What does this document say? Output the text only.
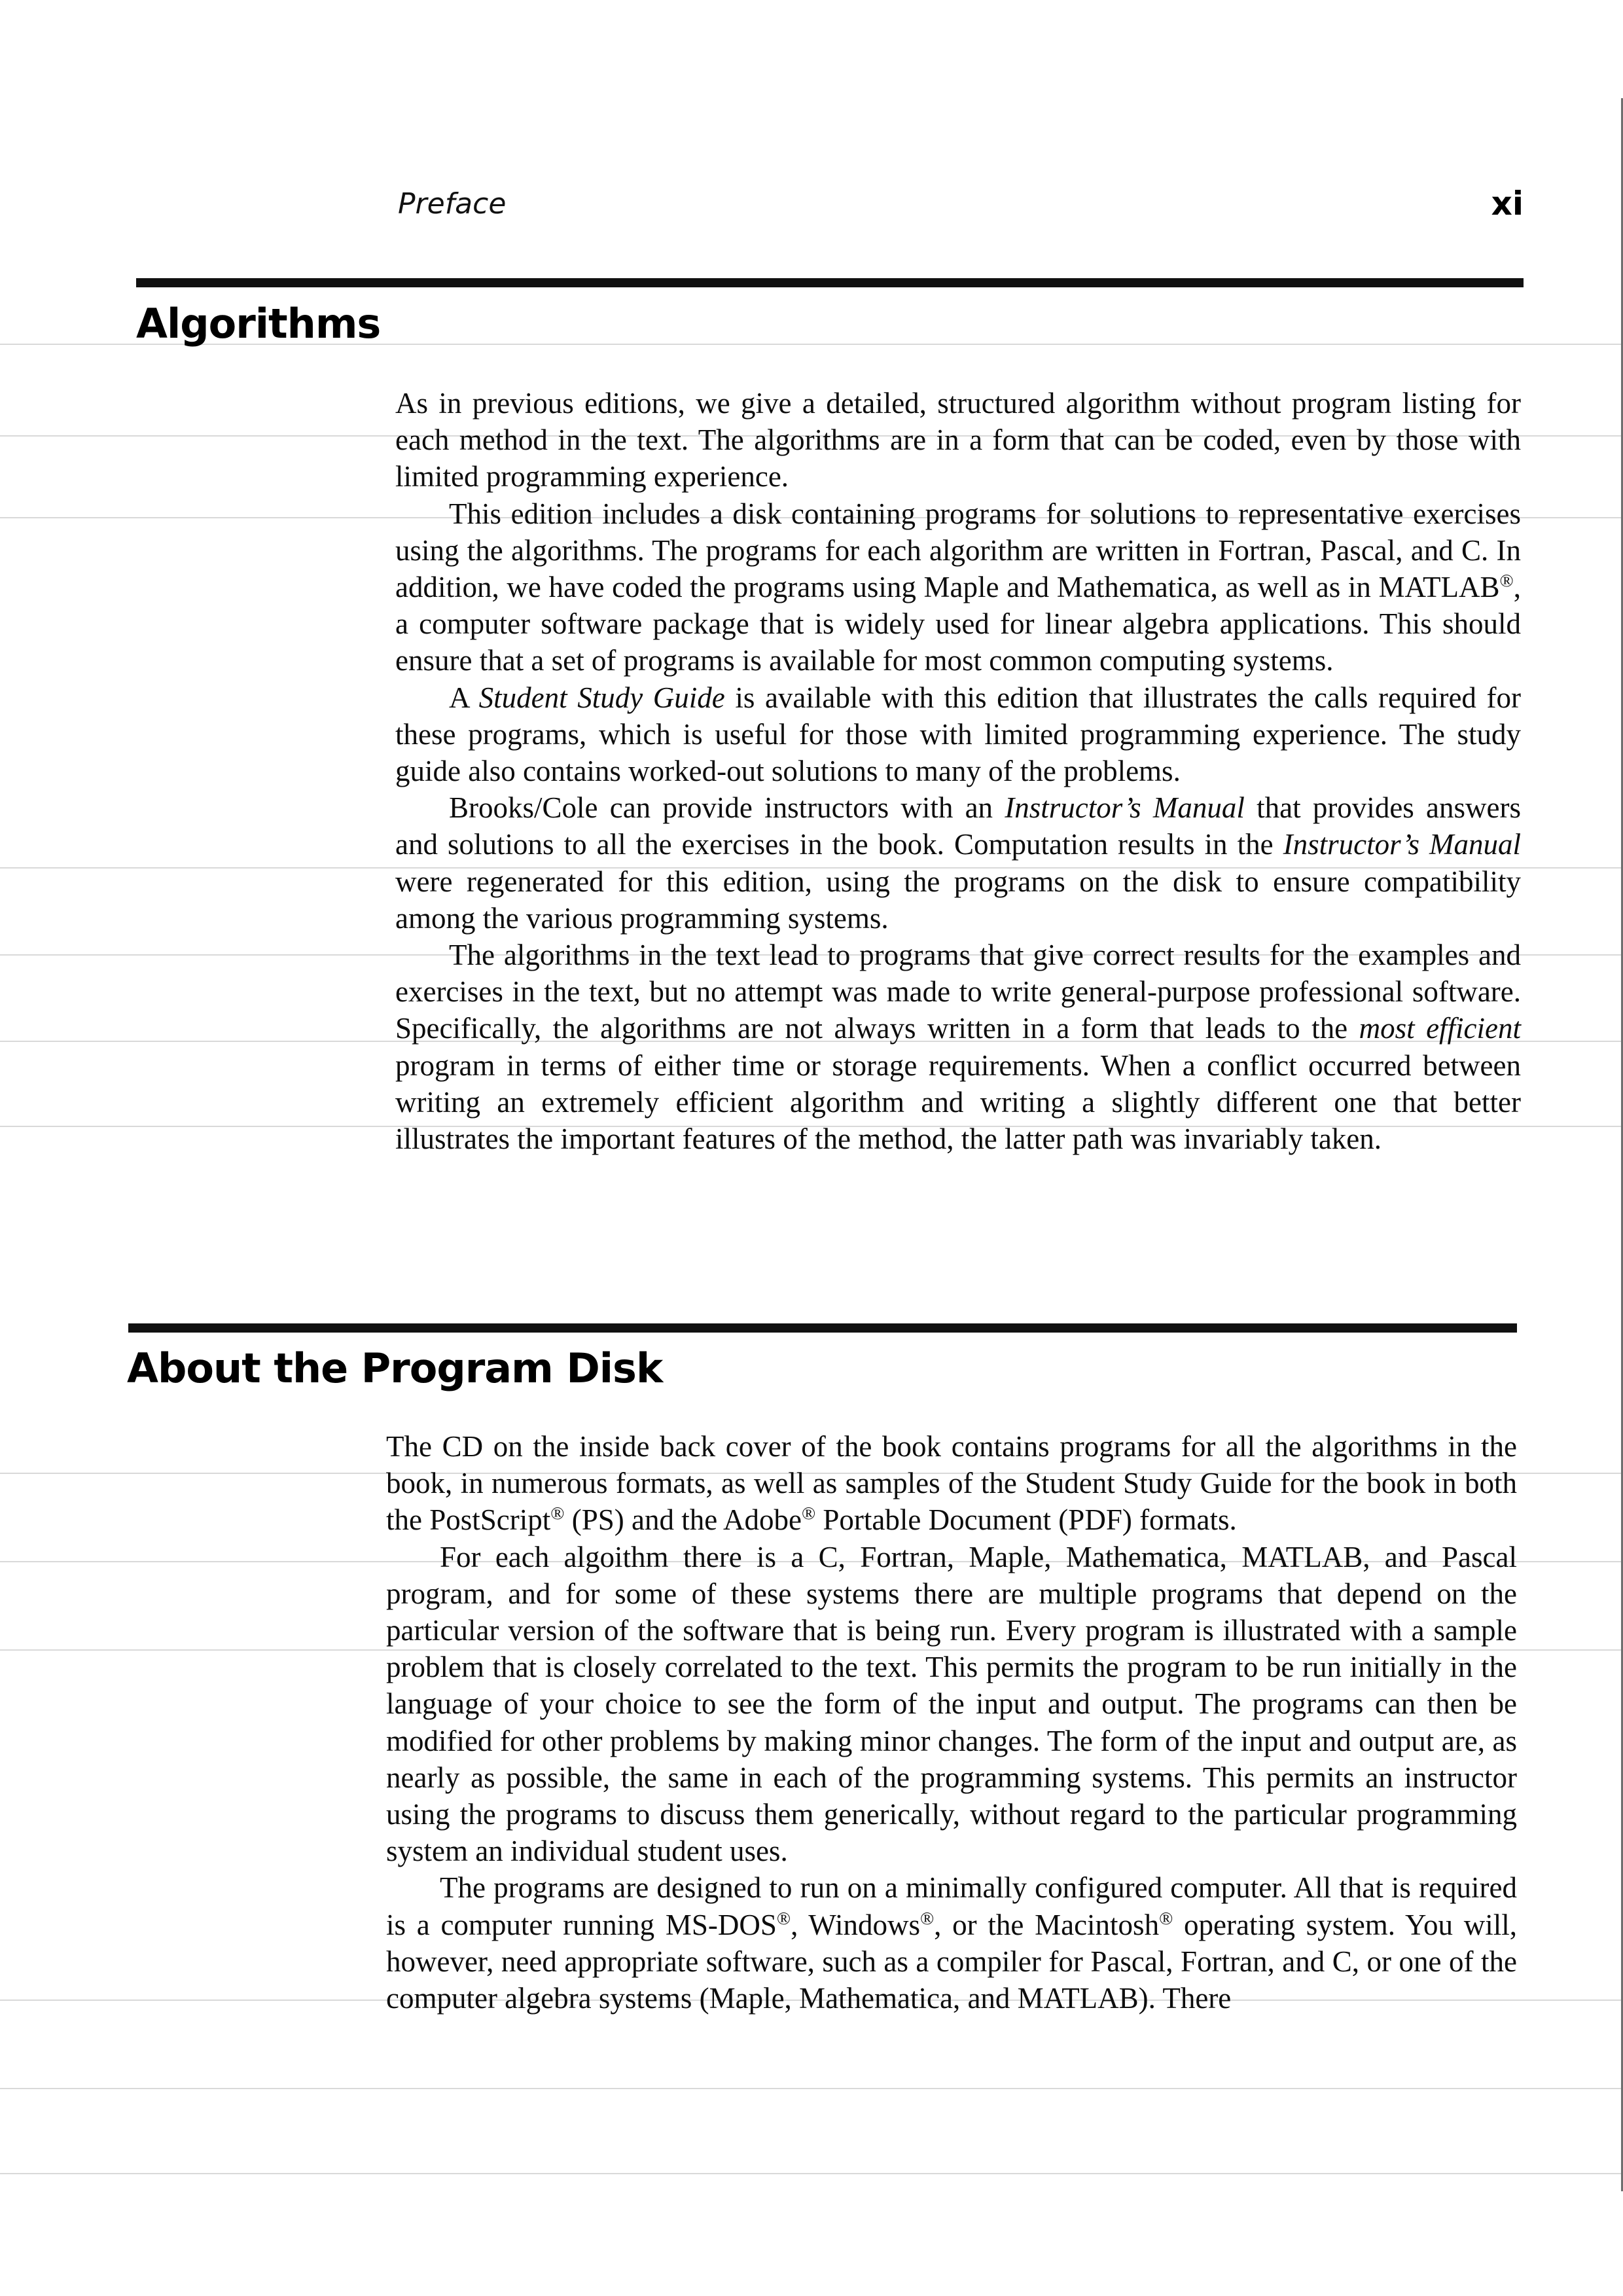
Preface	xi
Algorithms

As in previous editions, we give a detailed, structured algorithm without program listing for each method in the text. The algorithms are in a form that can be coded, even by those with limited programming experience.

This edition includes a disk containing programs for solutions to representative exercises using the algorithms. The programs for each algorithm are written in Fortran, Pascal, and C. In addition, we have coded the programs using Maple and Mathematica, as well as in MATLAB®, a computer software package that is widely used for linear algebra applications. This should ensure that a set of programs is available for most common computing systems.

A Student Study Guide is available with this edition that illustrates the calls required for these programs, which is useful for those with limited programming experience. The study guide also contains worked-out solutions to many of the problems.

Brooks/Cole can provide instructors with an Instructor’s Manual that provides answers and solutions to all the exercises in the book. Computation results in the Instructor’s Manual were regenerated for this edition, using the programs on the disk to ensure compatibility among the various programming systems.

The algorithms in the text lead to programs that give correct results for the examples and exercises in the text, but no attempt was made to write general-purpose professional software. Specifically, the algorithms are not always written in a form that leads to the most efficient program in terms of either time or storage requirements. When a conflict occurred between writing an extremely efficient algorithm and writing a slightly different one that better illustrates the important features of the method, the latter path was invariably taken.

About the Program Disk

The CD on the inside back cover of the book contains programs for all the algorithms in the book, in numerous formats, as well as samples of the Student Study Guide for the book in both the PostScript® (PS) and the Adobe® Portable Document (PDF) formats.

For each algoithm there is a C, Fortran, Maple, Mathematica, MATLAB, and Pascal program, and for some of these systems there are multiple programs that depend on the particular version of the software that is being run. Every program is illustrated with a sample problem that is closely correlated to the text. This permits the program to be run initially in the language of your choice to see the form of the input and output. The programs can then be modified for other problems by making minor changes. The form of the input and output are, as nearly as possible, the same in each of the programming systems. This permits an instructor using the programs to discuss them generically, without regard to the particular programming system an individual student uses.

The programs are designed to run on a minimally configured computer. All that is required is a computer running MS-DOS®, Windows®, or the Macintosh® operating system. You will, however, need appropriate software, such as a compiler for Pascal, Fortran, and C, or one of the computer algebra systems (Maple, Mathematica, and MATLAB). There
